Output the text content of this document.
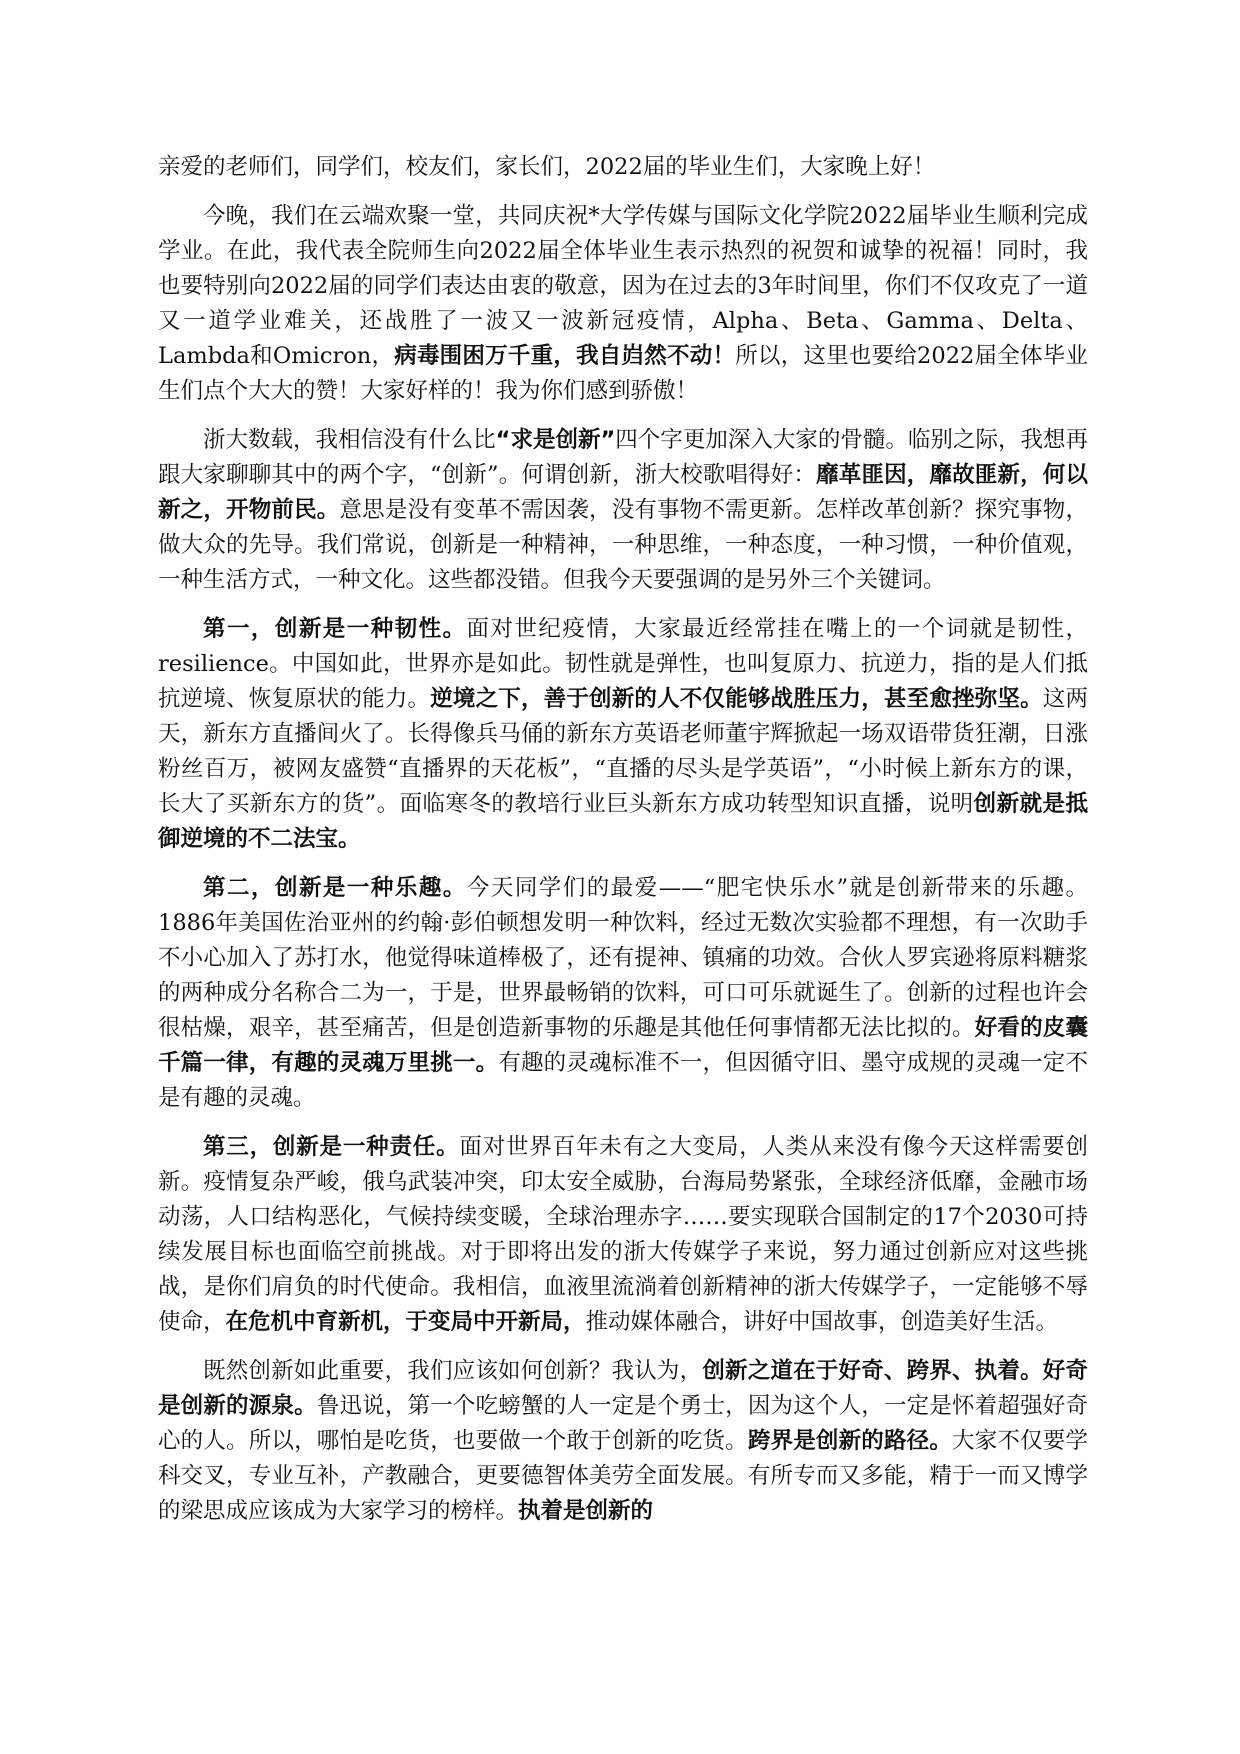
亲爱的老师们，同学们，校友们，家长们，2022届的毕业生们，大家晚上好！

今晚，我们在云端欢聚一堂，共同庆祝*大学传媒与国际文化学院2022届毕业生顺利完成学业。在此，我代表全院师生向2022届全体毕业生表示热烈的祝贺和诚挚的祝福！同时，我也要特别向2022届的同学们表达由衷的敬意，因为在过去的3年时间里，你们不仅攻克了一道又一道学业难关，还战胜了一波又一波新冠疫情，Alpha、Beta、Gamma、Delta、Lambda和Omicron，病毒围困万千重，我自岿然不动！所以，这里也要给2022届全体毕业生们点个大大的赞！大家好样的！我为你们感到骄傲！

浙大数载，我相信没有什么比“求是创新”四个字更加深入大家的骨髓。临别之际，我想再跟大家聊聊其中的两个字，“创新”。何谓创新，浙大校歌唱得好：靡革匪因，靡故匪新，何以新之，开物前民。意思是没有变革不需因袭，没有事物不需更新。怎样改革创新？探究事物，做大众的先导。我们常说，创新是一种精神，一种思维，一种态度，一种习惯，一种价值观，一种生活方式，一种文化。这些都没错。但我今天要强调的是另外三个关键词。

第一，创新是一种韧性。面对世纪疫情，大家最近经常挂在嘴上的一个词就是韧性，resilience。中国如此，世界亦是如此。韧性就是弹性，也叫复原力、抗逆力，指的是人们抵抗逆境、恢复原状的能力。逆境之下，善于创新的人不仅能够战胜压力，甚至愈挫弥坚。这两天，新东方直播间火了。长得像兵马俑的新东方英语老师董宇辉掀起一场双语带货狂潮，日涨粉丝百万，被网友盛赞“直播界的天花板”，“直播的尽头是学英语”，“小时候上新东方的课，长大了买新东方的货”。面临寒冬的教培行业巨头新东方成功转型知识直播，说明创新就是抵御逆境的不二法宝。

第二，创新是一种乐趣。今天同学们的最爱——“肥宅快乐水”就是创新带来的乐趣。1886年美国佐治亚州的约翰·彭伯顿想发明一种饮料，经过无数次实验都不理想，有一次助手不小心加入了苏打水，他觉得味道棒极了，还有提神、镇痛的功效。合伙人罗宾逊将原料糖浆的两种成分名称合二为一，于是，世界最畅销的饮料，可口可乐就诞生了。创新的过程也许会很枯燥，艰辛，甚至痛苦，但是创造新事物的乐趣是其他任何事情都无法比拟的。好看的皮囊千篇一律，有趣的灵魂万里挑一。有趣的灵魂标准不一，但因循守旧、墨守成规的灵魂一定不是有趣的灵魂。

第三，创新是一种责任。面对世界百年未有之大变局，人类从来没有像今天这样需要创新。疫情复杂严峻，俄乌武装冲突，印太安全威胁，台海局势紧张，全球经济低靡，金融市场动荡，人口结构恶化，气候持续变暖，全球治理赤字……要实现联合国制定的17个2030可持续发展目标也面临空前挑战。对于即将出发的浙大传媒学子来说，努力通过创新应对这些挑战，是你们肩负的时代使命。我相信，血液里流淌着创新精神的浙大传媒学子，一定能够不辱使命，在危机中育新机，于变局中开新局，推动媒体融合，讲好中国故事，创造美好生活。

既然创新如此重要，我们应该如何创新？我认为，创新之道在于好奇、跨界、执着。好奇是创新的源泉。鲁迅说，第一个吃螃蟹的人一定是个勇士，因为这个人，一定是怀着超强好奇心的人。所以，哪怕是吃货，也要做一个敢于创新的吃货。跨界是创新的路径。大家不仅要学科交叉，专业互补，产教融合，更要德智体美劳全面发展。有所专而又多能，精于一而又博学的梁思成应该成为大家学习的榜样。执着是创新的
